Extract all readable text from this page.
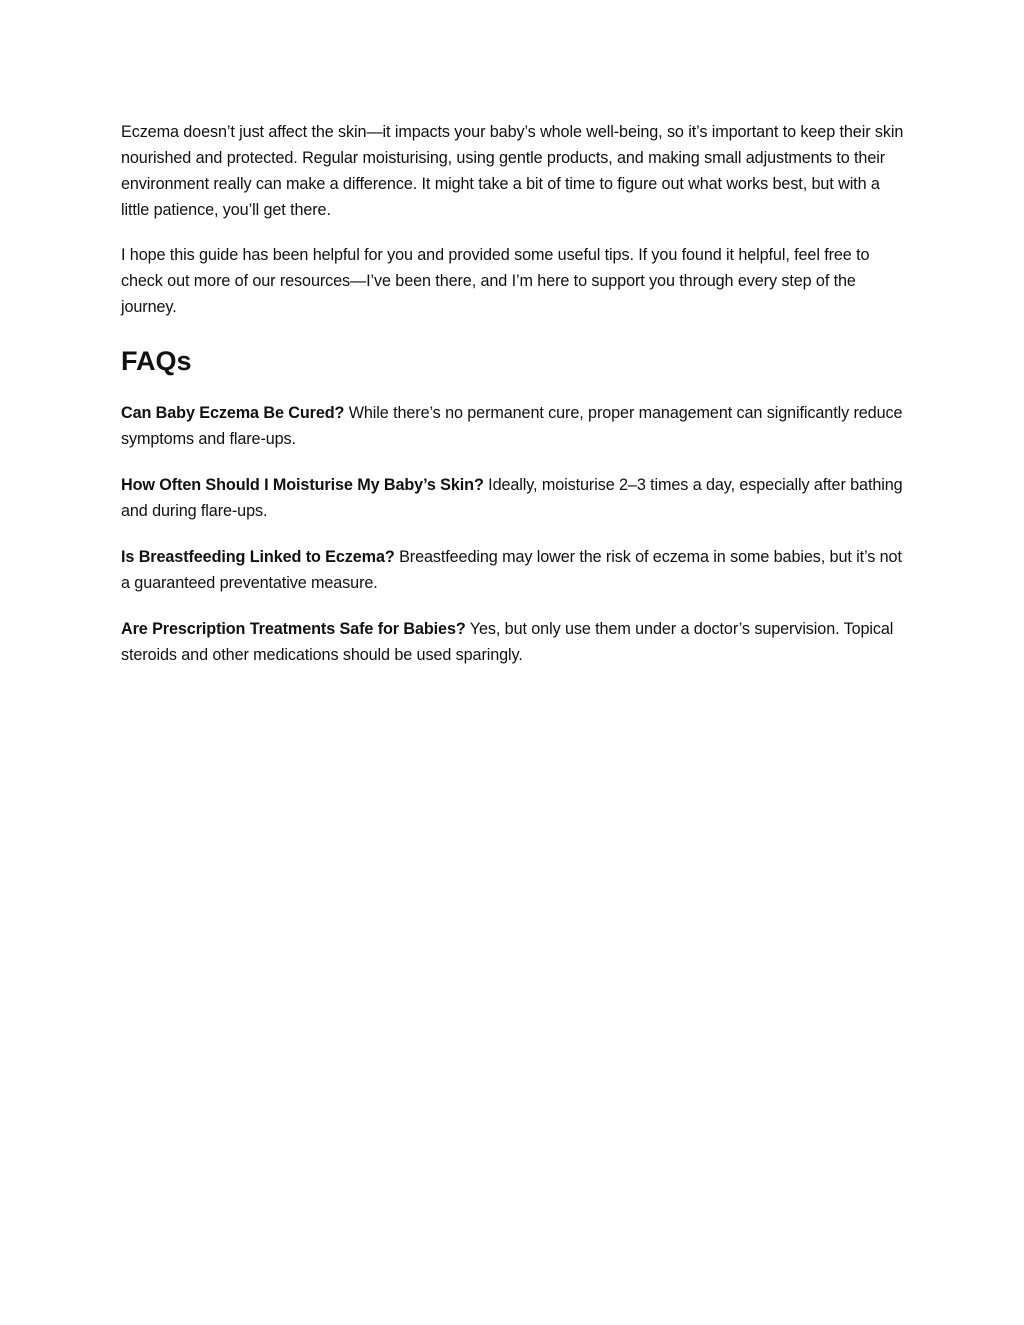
Eczema doesn’t just affect the skin—it impacts your baby’s whole well-being, so it’s important to keep their skin nourished and protected. Regular moisturising, using gentle products, and making small adjustments to their environment really can make a difference. It might take a bit of time to figure out what works best, but with a little patience, you’ll get there.

I hope this guide has been helpful for you and provided some useful tips. If you found it helpful, feel free to check out more of our resources—I’ve been there, and I’m here to support you through every step of the journey.

FAQs

Can Baby Eczema Be Cured? While there’s no permanent cure, proper management can significantly reduce symptoms and flare-ups.

How Often Should I Moisturise My Baby’s Skin? Ideally, moisturise 2–3 times a day, especially after bathing and during flare-ups.

Is Breastfeeding Linked to Eczema? Breastfeeding may lower the risk of eczema in some babies, but it’s not a guaranteed preventative measure.

Are Prescription Treatments Safe for Babies? Yes, but only use them under a doctor’s supervision. Topical steroids and other medications should be used sparingly.
